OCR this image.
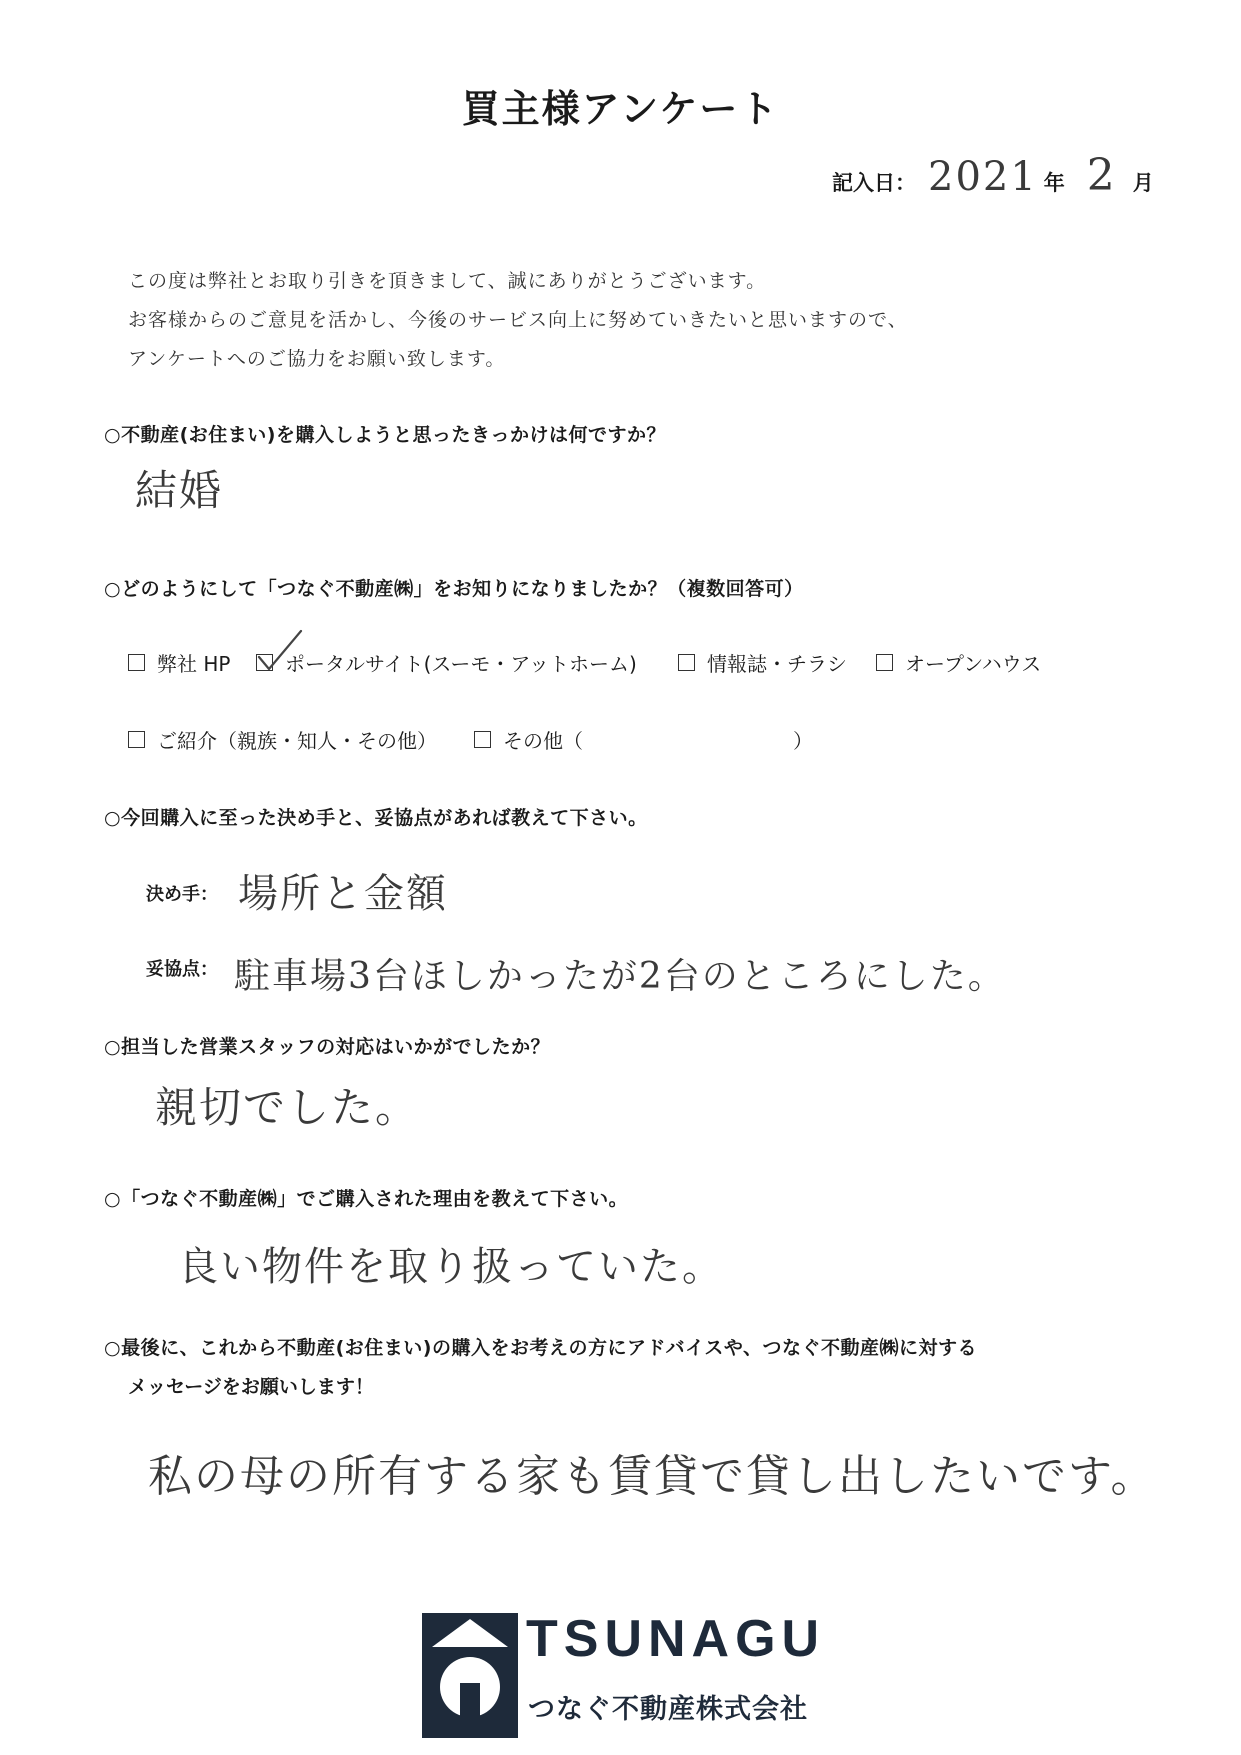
買主様アンケート
記入日： 2021 年 2 月
この度は弊社とお取り引きを頂きまして、誠にありがとうございます。
お客様からのご意見を活かし、今後のサービス向上に努めていきたいと思いますので、
アンケートへのご協力をお願い致します。
○不動産(お住まい)を購入しようと思ったきっかけは何ですか？
結婚
○どのようにして「つなぐ不動産㈱」をお知りになりましたか？（複数回答可）
弊社 HP	ポータルサイト(スーモ・アットホーム)	情報誌・チラシ	オープンハウス
ご紹介（親族・知人・その他）	その他（	）
○今回購入に至った決め手と、妥協点があれば教えて下さい。
決め手： 場所と金額
妥協点： 駐車場3台ほしかったが2台のところにした。
○担当した営業スタッフの対応はいかがでしたか？
親切でした。
○「つなぐ不動産㈱」でご購入された理由を教えて下さい。
良い物件を取り扱っていた。
○最後に、これから不動産(お住まい)の購入をお考えの方にアドバイスや、つなぐ不動産㈱に対する
メッセージをお願いします！
私の母の所有する家も賃貸で貸し出したいです。
TSUNAGU
つなぐ不動産株式会社
